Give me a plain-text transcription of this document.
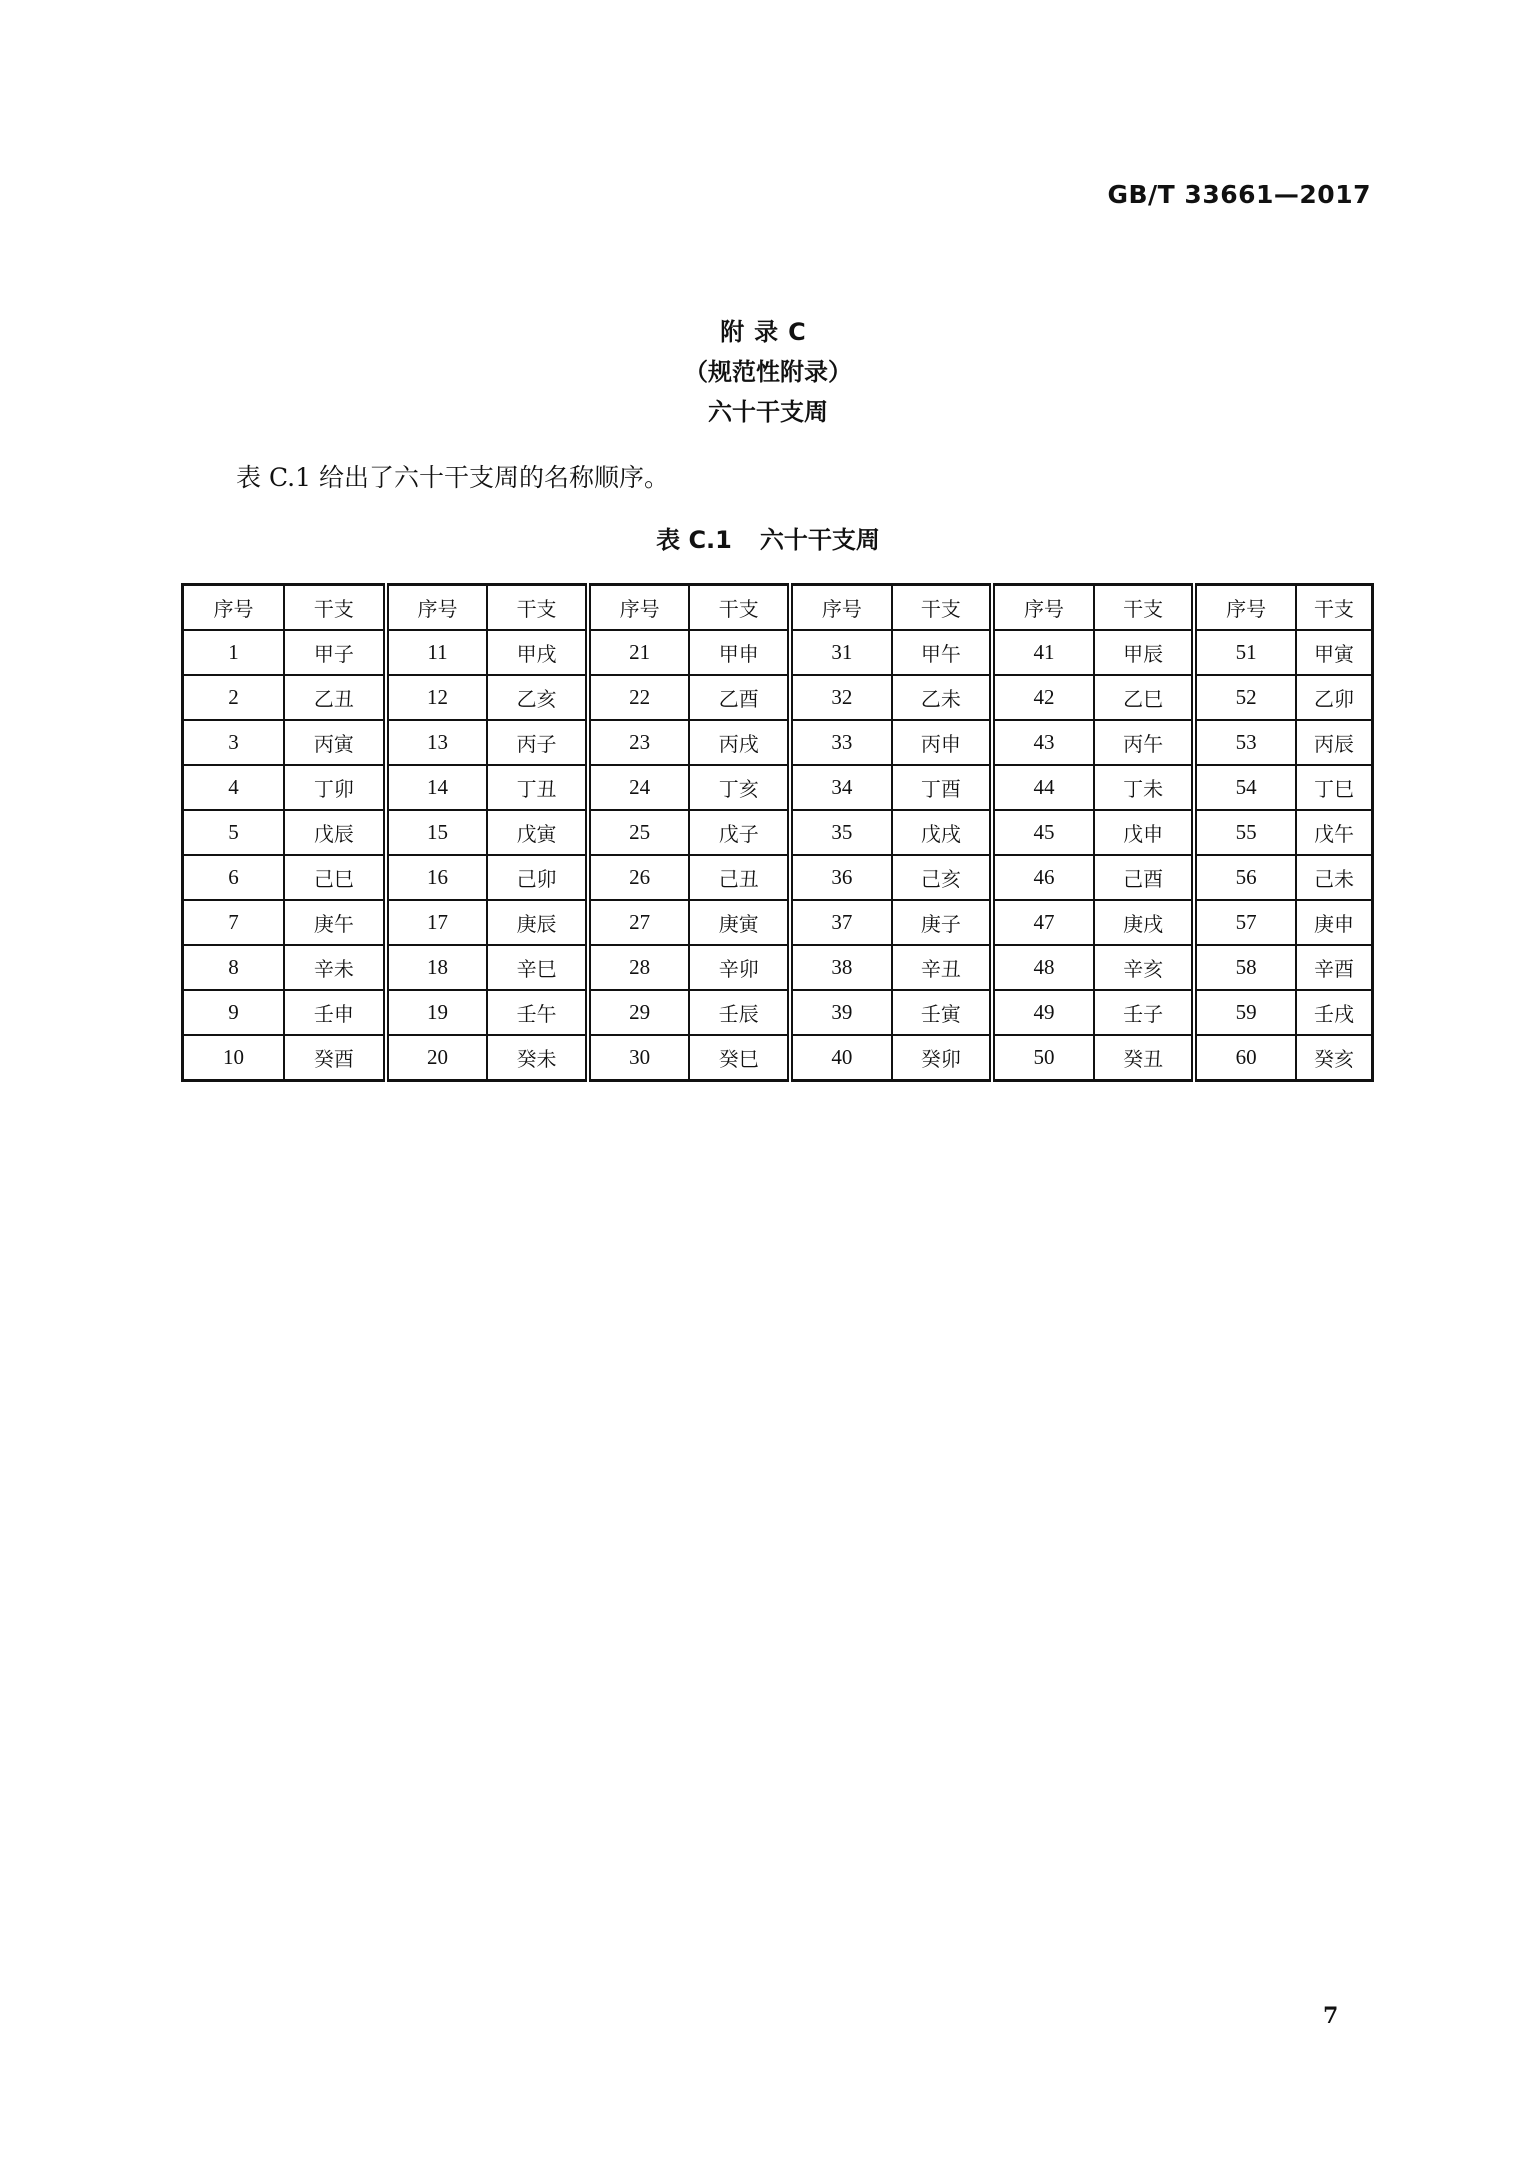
GB/T 33661—2017
附录C
（规范性附录）
六十干支周
表 C.1 给出了六十干支周的名称顺序。
表 C.1 六十干支周
序号	干支	序号	干支	序号	干支	序号	干支	序号	干支	序号	干支
1	甲子	11	甲戌	21	甲申	31	甲午	41	甲辰	51	甲寅
2	乙丑	12	乙亥	22	乙酉	32	乙未	42	乙巳	52	乙卯
3	丙寅	13	丙子	23	丙戌	33	丙申	43	丙午	53	丙辰
4	丁卯	14	丁丑	24	丁亥	34	丁酉	44	丁未	54	丁巳
5	戊辰	15	戊寅	25	戊子	35	戊戌	45	戊申	55	戊午
6	己巳	16	己卯	26	己丑	36	己亥	46	己酉	56	己未
7	庚午	17	庚辰	27	庚寅	37	庚子	47	庚戌	57	庚申
8	辛未	18	辛巳	28	辛卯	38	辛丑	48	辛亥	58	辛酉
9	壬申	19	壬午	29	壬辰	39	壬寅	49	壬子	59	壬戌
10	癸酉	20	癸未	30	癸巳	40	癸卯	50	癸丑	60	癸亥
7
